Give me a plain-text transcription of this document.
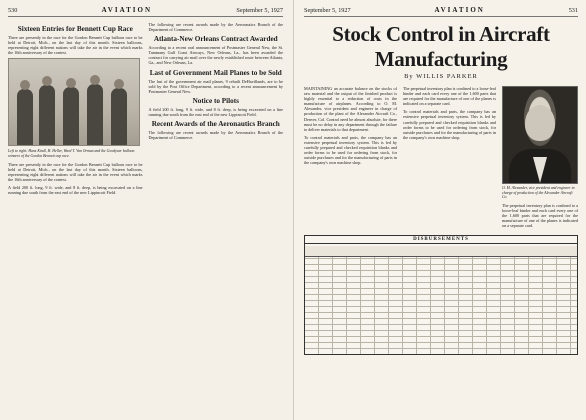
530	AVIATION	September 5, 1927
Sixteen Entries for Bennett Cup Race

There are presently in the race for the Gordon Bennett Cup balloon race to be held at Detroit, Mich., on the last day of this month. Sixteen balloons, representing eight different nations will take the air in the event which marks the 16th anniversary of the contest.

Left to right: Hans Kindl, H. Heller, Ward T. Van Orman and the Goodyear balloon winners of the Gordon Bennett cup race.

There are presently in the race for the Gordon Bennett Cup balloon race to be held at Detroit, Mich., on the last day of this month. Sixteen balloons, representing eight different nations will take the air in the event which marks the 16th anniversary of the contest.

A field 200 ft. long, 9 ft. wide, and 8 ft. deep, is being excavated on a line running due south from the east end of the new Lippincott Field.

The following are recent awards made by the Aeronautics Branch of the Department of Commerce.

Atlanta-New Orleans Contract Awarded

According to a recent oral announcement of Postmaster General New, the St. Tammany Gulf Coast Airways, New Orleans, La., has been awarded the contract for carrying air mail over the newly established route between Atlanta, Ga., and New Orleans, La.

Last of Government Mail Planes to be Sold

The last of the government air mail planes, 9 rebuilt DeHavillands, are to be sold by the Post Office Department, according to a recent announcement by Postmaster General New.

Notice to Pilots

A field 200 ft. long, 9 ft. wide, and 8 ft. deep, is being excavated on a line running due south from the east end of the new Lippincott Field.

Recent Awards of the Aeronautics Branch

The following are recent awards made by the Aeronautics Branch of the Department of Commerce.

September 5, 1927	AVIATION	531
Stock Control in Aircraft Manufacturing
By WILLIS PARKER

MAINTAINING an accurate balance on the stocks of raw material and the output of the finished product is highly essential to a reduction of costs in the manufacture of airplanes. According to O. M. Alexander, vice president and engineer in charge of production of the plant of the Alexander Aircraft Co., Denver, Col. Control need be almost absolute, for there must be no delay in any department through the failure to deliver materials to that department.

To control materials and parts, the company has an extensive perpetual inventory system. This is fed by carefully prepared and checked requisition blanks and order forms to be used for ordering from stock, for outside purchases and for the manufacturing of parts in the company's own machine shop.

The perpetual inventory plan is confined to a loose-leaf binder and each card every one of the 1,600 parts that are required for the manufacture of one of the planes is indicated on a separate card.

To control materials and parts, the company has an extensive perpetual inventory system. This is fed by carefully prepared and checked requisition blanks and order forms to be used for ordering from stock, for outside purchases and for the manufacturing of parts in the company's own machine shop.

O. M. Alexander, vice president and engineer in charge of production of the Alexander Aircraft Co.

The perpetual inventory plan is confined to a loose-leaf binder and each card every one of the 1,600 parts that are required for the manufacture of one of the planes is indicated on a separate card.

DISBURSEMENTS
